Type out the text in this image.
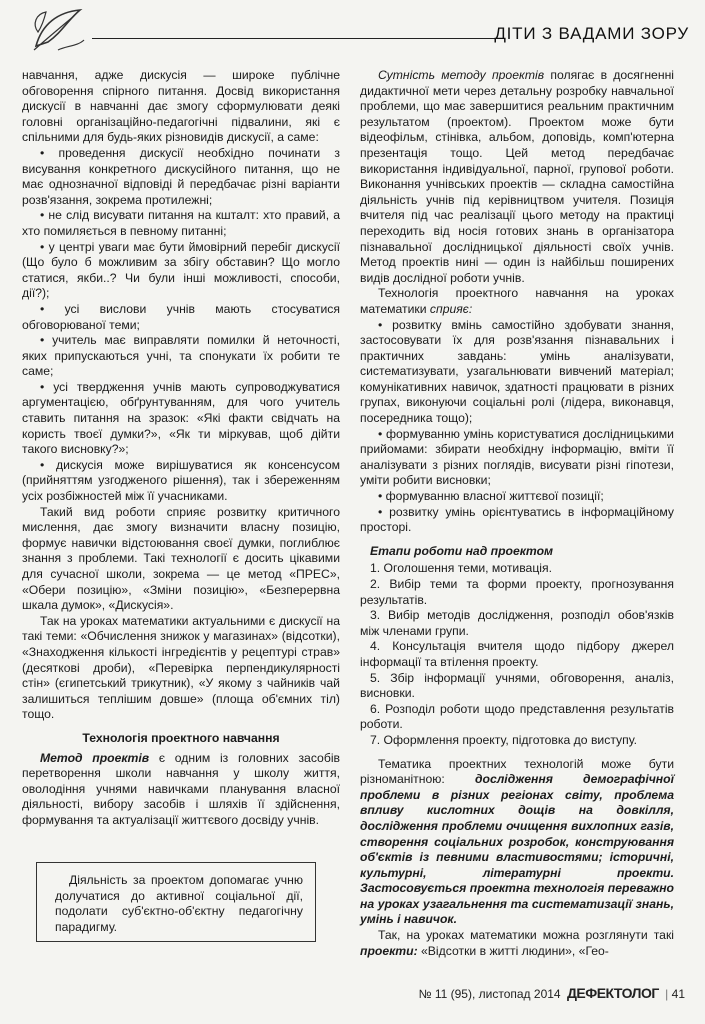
ДІТИ З ВАДАМИ ЗОРУ

навчання, адже дискусія — широке публічне обговорення спірного питання. Досвід використання дискусії в навчанні дає змогу сформулювати деякі головні організаційно-педагогічні підвалини, які є спільними для будь-яких різновидів дискусії, а саме:

• проведення дискусії необхідно починати з висування конкретного дискусійного питання, що не має однозначної відповіді й передбачає різні варіанти розв'язання, зокрема протилежні;

• не слід висувати питання на кшталт: хто правий, а хто помиляється в певному питанні;

• у центрі уваги має бути ймовірний перебіг дискусії (Що було б можливим за збігу обставин? Що могло статися, якби..? Чи були інші можливості, способи, дії?);

• усі вислови учнів мають стосуватися обговорюваної теми;

• учитель має виправляти помилки й неточності, яких припускаються учні, та спонукати їх робити те саме;

• усі твердження учнів мають супроводжуватися аргументацією, обґрунтуванням, для чого учитель ставить питання на зразок: «Які факти свідчать на користь твоєї думки?», «Як ти міркував, щоб дійти такого висновку?»;

• дискусія може вирішуватися як консенсусом (прийняттям узгодженого рішення), так і збереженням усіх розбіжностей між її учасниками.

Такий вид роботи сприяє розвитку критичного мислення, дає змогу визначити власну позицію, формує навички відстоювання своєї думки, поглиблює знання з проблеми. Такі технології є досить цікавими для сучасної школи, зокрема — це метод «ПРЕС», «Обери позицію», «Зміни позицію», «Безперервна шкала думок», «Дискусія».

Так на уроках математики актуальними є дискусії на такі теми: «Обчислення знижок у магазинах» (відсотки), «Знаходження кількості інгредієнтів у рецептурі страв» (десяткові дроби), «Перевірка перпендикулярності стін» (єгипетський трикутник), «У якому з чайників чай залишиться теплішим довше» (площа об'ємних тіл) тощо.

Технологія проектного навчання

Метод проектів є одним із головних засобів перетворення школи навчання у школу життя, оволодіння учнями навичками планування власної діяльності, вибору засобів і шляхів її здійснення, формування та актуалізації життєвого досвіду учнів.

Діяльність за проектом допомагає учню долучатися до активної соціальної дії, подолати суб'єктно-об'єктну педагогічну парадигму.

Сутність методу проектів полягає в досягненні дидактичної мети через детальну розробку навчальної проблеми, що має завершитися реальним практичним результатом (проектом). Проектом може бути відеофільм, стінівка, альбом, доповідь, комп'ютерна презентація тощо. Цей метод передбачає використання індивідуальної, парної, групової роботи. Виконання учнівських проектів — складна самостійна діяльність учнів під керівництвом учителя. Позиція вчителя під час реалізації цього методу на практиці переходить від носія готових знань в організатора пізнавальної дослідницької діяльності своїх учнів. Метод проектів нині — один із найбільш поширених видів дослідної роботи учнів.

Технологія проектного навчання на уроках математики сприяє:

• розвитку вмінь самостійно здобувати знання, застосовувати їх для розв'язання пізнавальних і практичних завдань: умінь аналізувати, систематизувати, узагальнювати вивчений матеріал; комунікативних навичок, здатності працювати в різних групах, виконуючи соціальні ролі (лідера, виконавця, посередника тощо);

• формуванню умінь користуватися дослідницькими прийомами: збирати необхідну інформацію, вміти її аналізувати з різних поглядів, висувати різні гіпотези, уміти робити висновки;

• формуванню власної життєвої позиції;

• розвитку умінь орієнтуватись в інформаційному просторі.

Етапи роботи над проектом

1. Оголошення теми, мотивація.

2. Вибір теми та форми проекту, прогнозування результатів.

3. Вибір методів дослідження, розподіл обов'язків між членами групи.

4. Консультація вчителя щодо підбору джерел інформації та втілення проекту.

5. Збір інформації учнями, обговорення, аналіз, висновки.

6. Розподіл роботи щодо представлення результатів роботи.

7. Оформлення проекту, підготовка до виступу.

Тематика проектних технологій може бути різноманітною: дослідження демографічної проблеми в різних регіонах світу, проблема впливу кислотних дощів на довкілля, дослідження проблеми очищення вихлопних газів, створення соціальних розробок, конструювання об'єктів із певними властивостями; історичні, культурні, літературні проекти. Застосовується проектна технологія переважно на уроках узагальнення та систематизації знань, умінь і навичок.

Так, на уроках математики можна розглянути такі проекти: «Відсотки в житті людини», «Гео-

№ 11 (95), листопад 2014 ДЕФЕКТОЛОГ | 41
